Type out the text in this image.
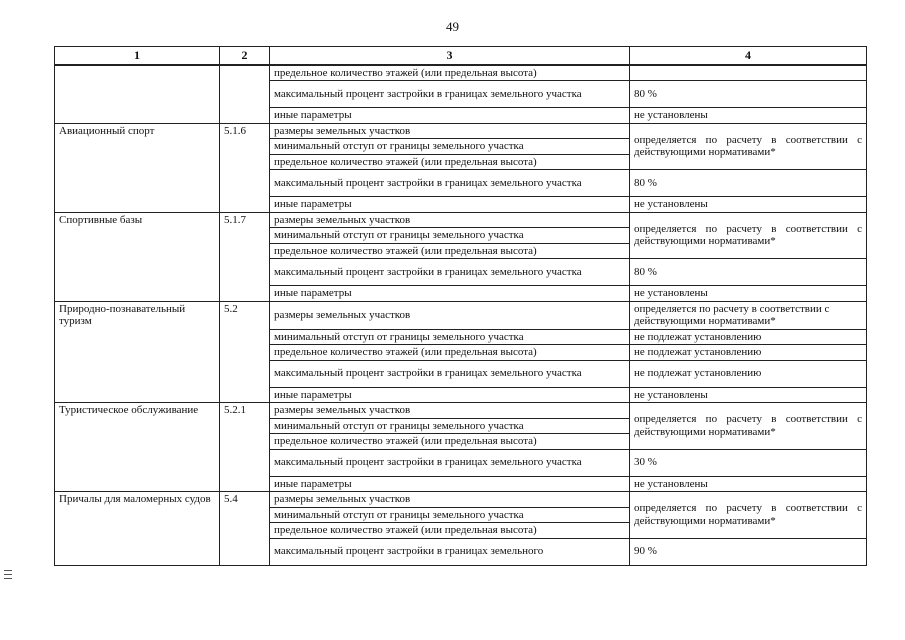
49
1	2	3	4
		предельное количество этажей (или предельная высота)	
		максимальный процент застройки в границах земельного участка	80 %
		иные параметры	не установлены
Авиационный спорт	5.1.6	размеры земельных участков	определяется по расчету в соответствии с действующими нормативами*
		минимальный отступ от границы земельного участка	
		предельное количество этажей (или предельная высота)	
		максимальный процент застройки в границах земельного участка	80 %
		иные параметры	не установлены
Спортивные базы	5.1.7	размеры земельных участков	определяется по расчету в соответствии с действующими нормативами*
		минимальный отступ от границы земельного участка	
		предельное количество этажей (или предельная высота)	
		максимальный процент застройки в границах земельного участка	80 %
		иные параметры	не установлены
Природно-познавательный туризм	5.2	размеры земельных участков	определяется по расчету в соответствии с действующими нормативами*
		минимальный отступ от границы земельного участка	не подлежат установлению
		предельное количество этажей (или предельная высота)	не подлежат установлению
		максимальный процент застройки в границах земельного участка	не подлежат установлению
		иные параметры	не установлены
Туристическое обслуживание	5.2.1	размеры земельных участков	определяется по расчету в соответствии с действующими нормативами*
		минимальный отступ от границы земельного участка	
		предельное количество этажей (или предельная высота)	
		максимальный процент застройки в границах земельного участка	30 %
		иные параметры	не установлены
Причалы для маломерных судов	5.4	размеры земельных участков	определяется по расчету в соответствии с действующими нормативами*
		минимальный отступ от границы земельного участка	
		предельное количество этажей (или предельная высота)	
		максимальный процент застройки в границах земельного	90 %
